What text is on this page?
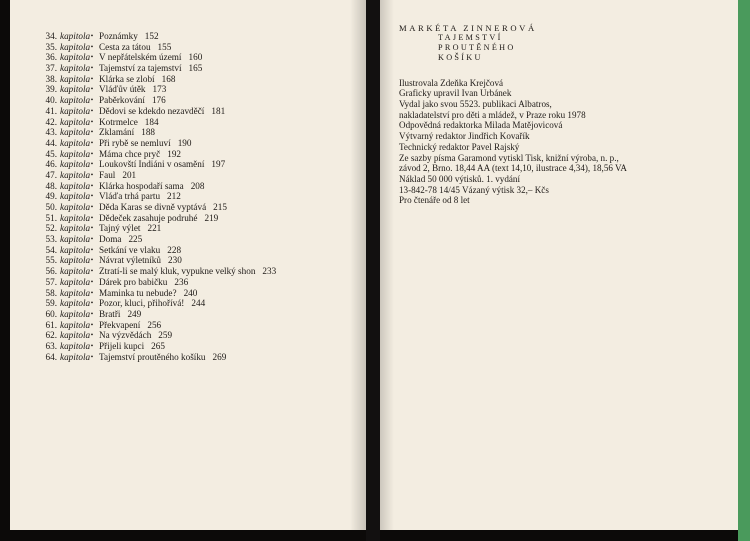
34. kapitola • Poznámky 152
35. kapitola • Cesta za tátou 155
36. kapitola • V nepřátelském území 160
37. kapitola • Tajemství za tajemství 165
38. kapitola • Klárka se zlobí 168
39. kapitola • Vláďův útěk 173
40. kapitola • Paběrkování 176
41. kapitola • Dědovi se kdekdo nezavděčí 181
42. kapitola • Kotrmelce 184
43. kapitola • Zklamání 188
44. kapitola • Při rybě se nemluví 190
45. kapitola • Máma chce pryč 192
46. kapitola • Loukovští Indiáni v osamění 197
47. kapitola • Faul 201
48. kapitola • Klárka hospodaří sama 208
49. kapitola • Vláďa trhá partu 212
50. kapitola • Děda Karas se divně vyptává 215
51. kapitola • Dědeček zasahuje podruhé 219
52. kapitola • Tajný výlet 221
53. kapitola • Doma 225
54. kapitola • Setkání ve vlaku 228
55. kapitola • Návrat výletníků 230
56. kapitola • Ztratí-li se malý kluk, vypukne velký shon 233
57. kapitola • Dárek pro babičku 236
58. kapitola • Maminka tu nebude? 240
59. kapitola • Pozor, kluci, přihořívá! 244
60. kapitola • Bratři 249
61. kapitola • Překvapení 256
62. kapitola • Na výzvědách 259
63. kapitola • Přijeli kupci 265
64. kapitola • Tajemství proutěného košíku 269
MARKÉTA ZINNEROVÁ
TAJEMSTVÍ
PROUTĚNÉHO
KOŠÍKU
Ilustrovala Zdeňka Krejčová
Graficky upravil Ivan Urbánek
Vydal jako svou 5523. publikaci Albatros,
nakladatelství pro děti a mládež, v Praze roku 1978
Odpovědná redaktorka Milada Matějovicová
Výtvarný redaktor Jindřich Kovařík
Technický redaktor Pavel Rajský
Ze sazby písma Garamond vytiskl Tisk, knižní výroba, n. p.,
závod 2, Brno. 18,44 AA (text 14,10, ilustrace 4,34), 18,56 VA
Náklad 50 000 výtisků. 1. vydání
13-842-78 14/45 Vázaný výtisk 32,– Kčs
Pro čtenáře od 8 let
